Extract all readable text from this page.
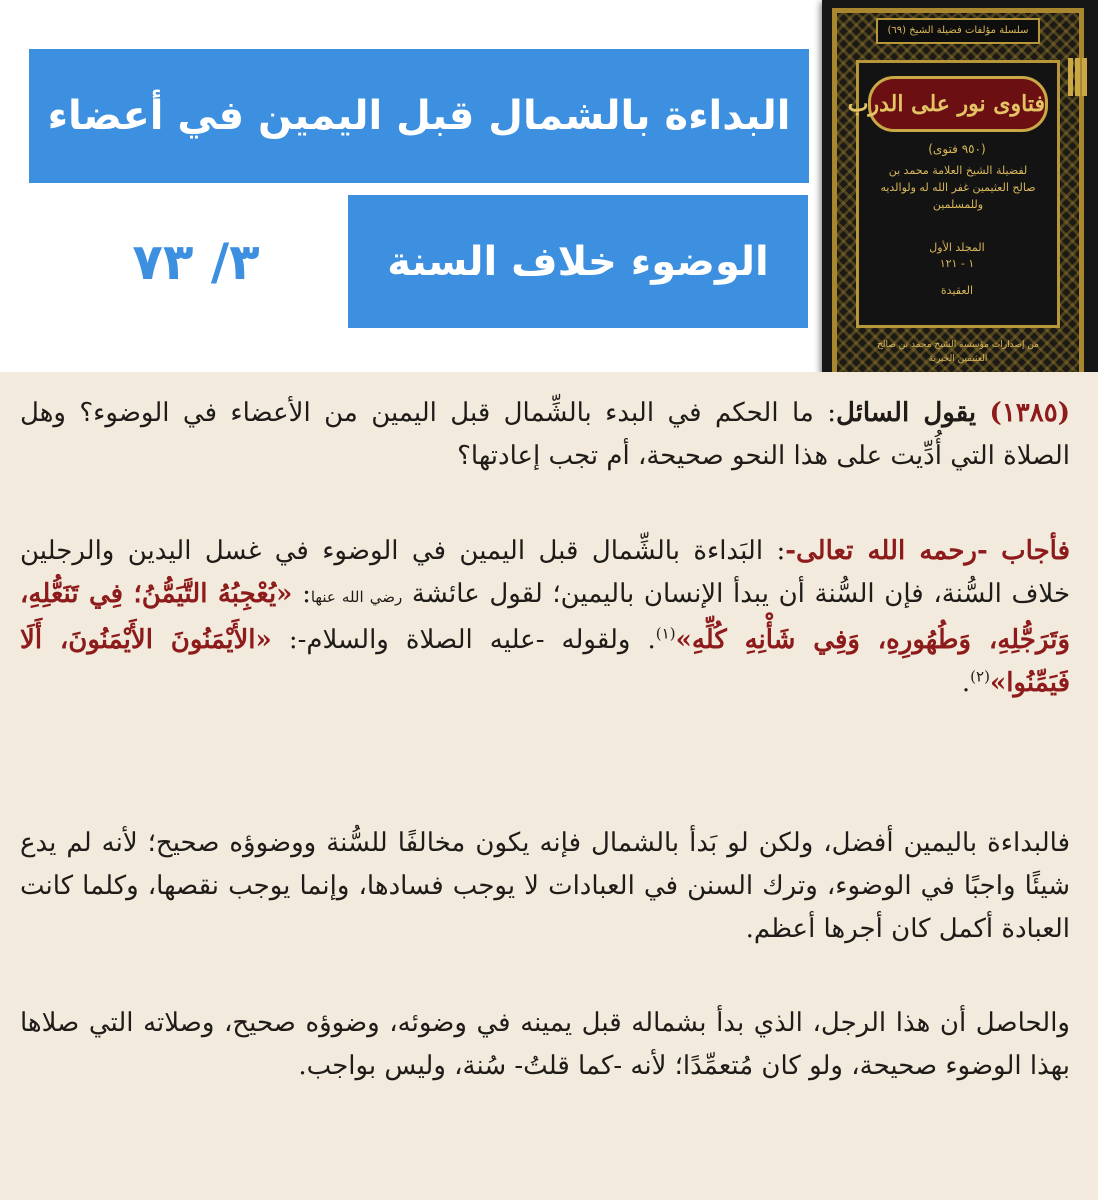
البداءة بالشمال قبل اليمين في أعضاء
الوضوء خلاف السنة
٣/ ٧٣
سلسلة مؤلفات فضيلة الشيخ (٦٩)
فتاوى نور على الدرب
(٩٥٠ فتوى)
لفضيلة الشيخ العلامة محمد بن صالح العثيمين غفر الله له ولوالديه وللمسلمين
المجلد الأول
١ - ١٢١
العقيدة
من إصدارات مؤسسة الشيخ محمد بن صالح العثيمين الخيرية

(١٣٨٥) يقول السائل: ما الحكم في البدء بالشِّمال قبل اليمين من الأعضاء في الوضوء؟ وهل الصلاة التي أُدِّيت على هذا النحو صحيحة، أم تجب إعادتها؟

فأجاب -رحمه الله تعالى-: البَداءة بالشِّمال قبل اليمين في الوضوء في غسل اليدين والرجلين خلاف السُّنة، فإن السُّنة أن يبدأ الإنسان باليمين؛ لقول عائشة رضي الله عنها: «يُعْجِبُهُ التَّيَمُّنُ؛ فِي تَنَعُّلِهِ، وَتَرَجُّلِهِ، وَطُهُورِهِ، وَفِي شَأْنِهِ كُلِّهِ»$^{(١)}$. ولقوله -عليه الصلاة والسلام-: «الأَيْمَنُونَ الأَيْمَنُونَ، أَلَا فَيَمِّنُوا»$^{(٢)}$.

فالبداءة باليمين أفضل، ولكن لو بَدأ بالشمال فإنه يكون مخالفًا للسُّنة ووضوؤه صحيح؛ لأنه لم يدع شيئًا واجبًا في الوضوء، وترك السنن في العبادات لا يوجب فسادها، وإنما يوجب نقصها، وكلما كانت العبادة أكمل كان أجرها أعظم.

والحاصل أن هذا الرجل، الذي بدأ بشماله قبل يمينه في وضوئه، وضوؤه صحيح، وصلاته التي صلاها بهذا الوضوء صحيحة، ولو كان مُتعمِّدًا؛ لأنه -كما قلتُ- سُنة، وليس بواجب.
